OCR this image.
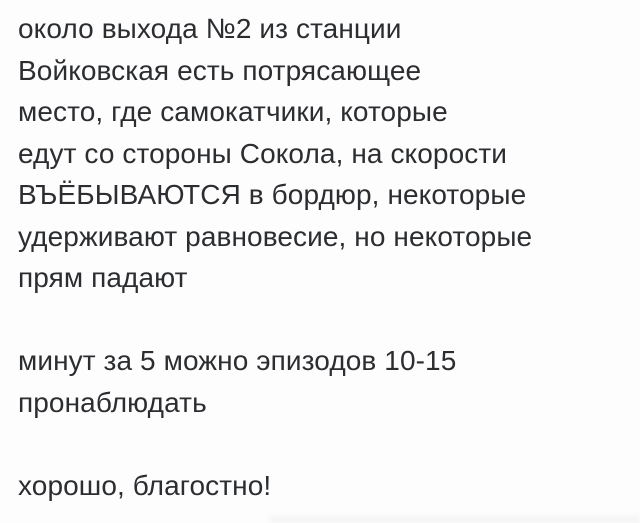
около выхода №2 из станции
Войковская есть потрясающее
место, где самокатчики, которые
едут со стороны Сокола, на скорости
ВЪЁБЫВАЮТСЯ в бордюр, некоторые
удерживают равновесие, но некоторые
прям падают
минут за 5 можно эпизодов 10-15
пронаблюдать
хорошо, благостно!
